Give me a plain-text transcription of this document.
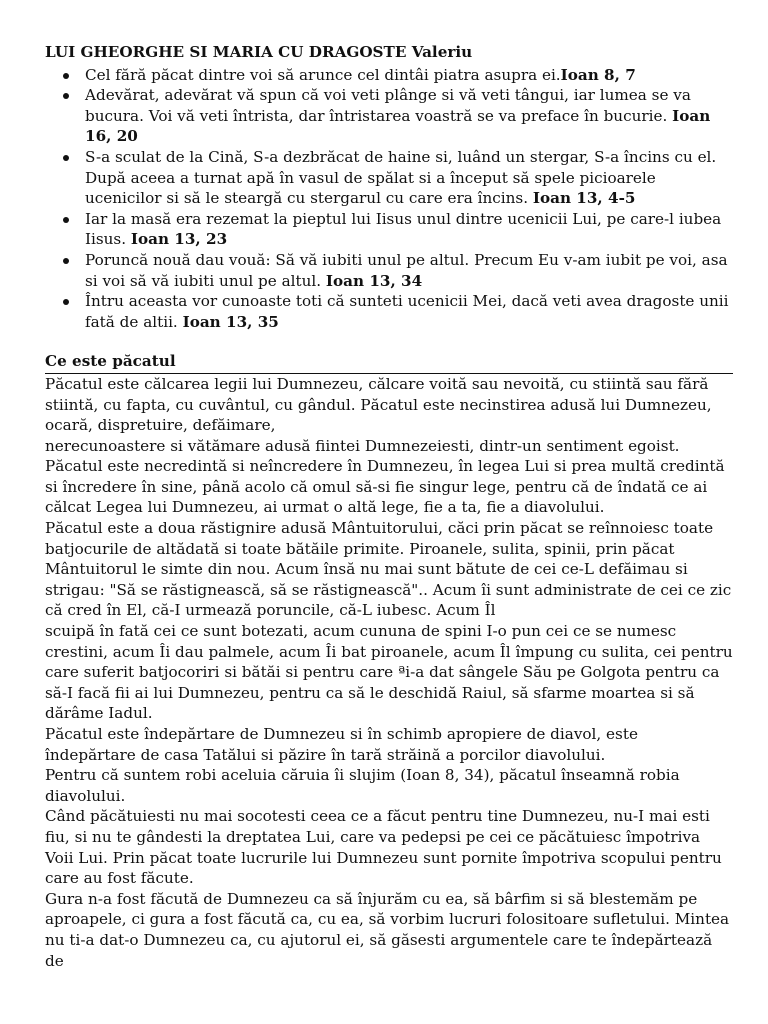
LUI GHEORGHE SI MARIA CU DRAGOSTE Valeriu
Cel fără păcat dintre voi să arunce cel dintâi piatra asupra ei.Ioan 8, 7
Adevărat, adevărat vă spun că voi veti plânge si vă veti tângui, iar lumea se va bucura. Voi vă veti întrista, dar întristarea voastră se va preface în bucurie. Ioan 16, 20
S-a sculat de la Cină, S-a dezbrăcat de haine si, luând un stergar, S-a încins cu el. După aceea a turnat apă în vasul de spălat si a început să spele picioarele ucenicilor si să le steargă cu stergarul cu care era încins. Ioan 13, 4-5
Iar la masă era rezemat la pieptul lui Iisus unul dintre ucenicii Lui, pe care-l iubea Iisus. Ioan 13, 23
Poruncă nouă dau vouă: Să vă iubiti unul pe altul. Precum Eu v-am iubit pe voi, asa si voi să vă iubiti unul pe altul. Ioan 13, 34
Întru aceasta vor cunoaste toti că sunteti ucenicii Mei, dacă veti avea dragoste unii fată de altii. Ioan 13, 35
Ce este păcatul

Păcatul este călcarea legii lui Dumnezeu, călcare voită sau nevoită, cu stiintă sau fără stiintă, cu fapta, cu cuvântul, cu gândul. Păcatul este necinstirea adusă lui Dumnezeu, ocară, dispretuire, defăimare,

nerecunoastere si vătămare adusă fiintei Dumnezeiesti, dintr-un sentiment egoist. Păcatul este necredintă si neîncredere în Dumnezeu, în legea Lui si prea multă credintă si încredere în sine, până acolo că omul să-si fie singur lege, pentru că de îndată ce ai călcat Legea lui Dumnezeu, ai urmat o altă lege, fie a ta, fie a diavolului.

Păcatul este a doua răstignire adusă Mântuitorului, căci prin păcat se reînnoiesc toate batjocurile de altădată si toate bătăile primite. Piroanele, sulita, spinii, prin păcat Mântuitorul le simte din nou. Acum însă nu mai sunt bătute de cei ce-L defăimau si strigau: "Să se răstignească, să se răstignească".. Acum îi sunt administrate de cei ce zic că cred în El, că-I urmează poruncile, că-L iubesc. Acum Îl

scuipă în fată cei ce sunt botezati, acum cununa de spini I-o pun cei ce se numesc crestini, acum Îi dau palmele, acum Îi bat piroanele, acum Îl împung cu sulita, cei pentru care suferit batjocoriri si bătăi si pentru care ªi-a dat sângele Său pe Golgota pentru ca să-I facă fii ai lui Dumnezeu, pentru ca să le deschidă Raiul, să sfarme moartea si să dărâme Iadul.

Păcatul este îndepărtare de Dumnezeu si în schimb apropiere de diavol, este îndepărtare de casa Tatălui si păzire în tară străină a porcilor diavolului.

Pentru că suntem robi aceluia căruia îi slujim (Ioan 8, 34), păcatul înseamnă robia diavolului.

Când păcătuiesti nu mai socotesti ceea ce a făcut pentru tine Dumnezeu, nu-I mai esti fiu, si nu te gândesti la dreptatea Lui, care va pedepsi pe cei ce păcătuiesc împotriva Voii Lui. Prin păcat toate lucrurile lui Dumnezeu sunt pornite împotriva scopului pentru care au fost făcute.

Gura n-a fost făcută de Dumnezeu ca să înjurăm cu ea, să bârfim si să blestemăm pe aproapele, ci gura a fost făcută ca, cu ea, să vorbim lucruri folositoare sufletului. Mintea nu ti-a dat-o Dumnezeu ca, cu ajutorul ei, să găsesti argumentele care te îndepărtează de
